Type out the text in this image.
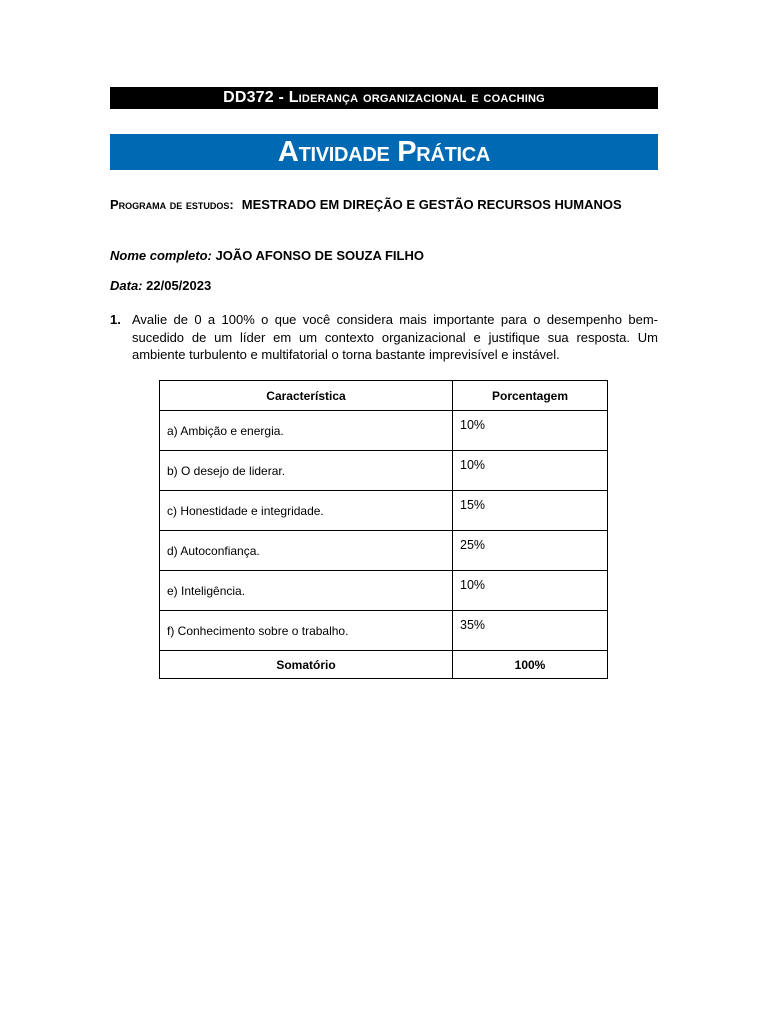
DD372 - Liderança organizacional e coaching
Atividade Prática
Programa de estudos: MESTRADO EM DIREÇÃO E GESTÃO RECURSOS HUMANOS
Nome completo: JOÃO AFONSO DE SOUZA FILHO
Data: 22/05/2023
1. Avalie de 0 a 100% o que você considera mais importante para o desempenho bem-sucedido de um líder em um contexto organizacional e justifique sua resposta. Um ambiente turbulento e multifatorial o torna bastante imprevisível e instável.
Característica	Porcentagem
a) Ambição e energia.	10%
b) O desejo de liderar.	10%
c) Honestidade e integridade.	15%
d) Autoconfiança.	25%
e) Inteligência.	10%
f) Conhecimento sobre o trabalho.	35%
Somatório	100%
